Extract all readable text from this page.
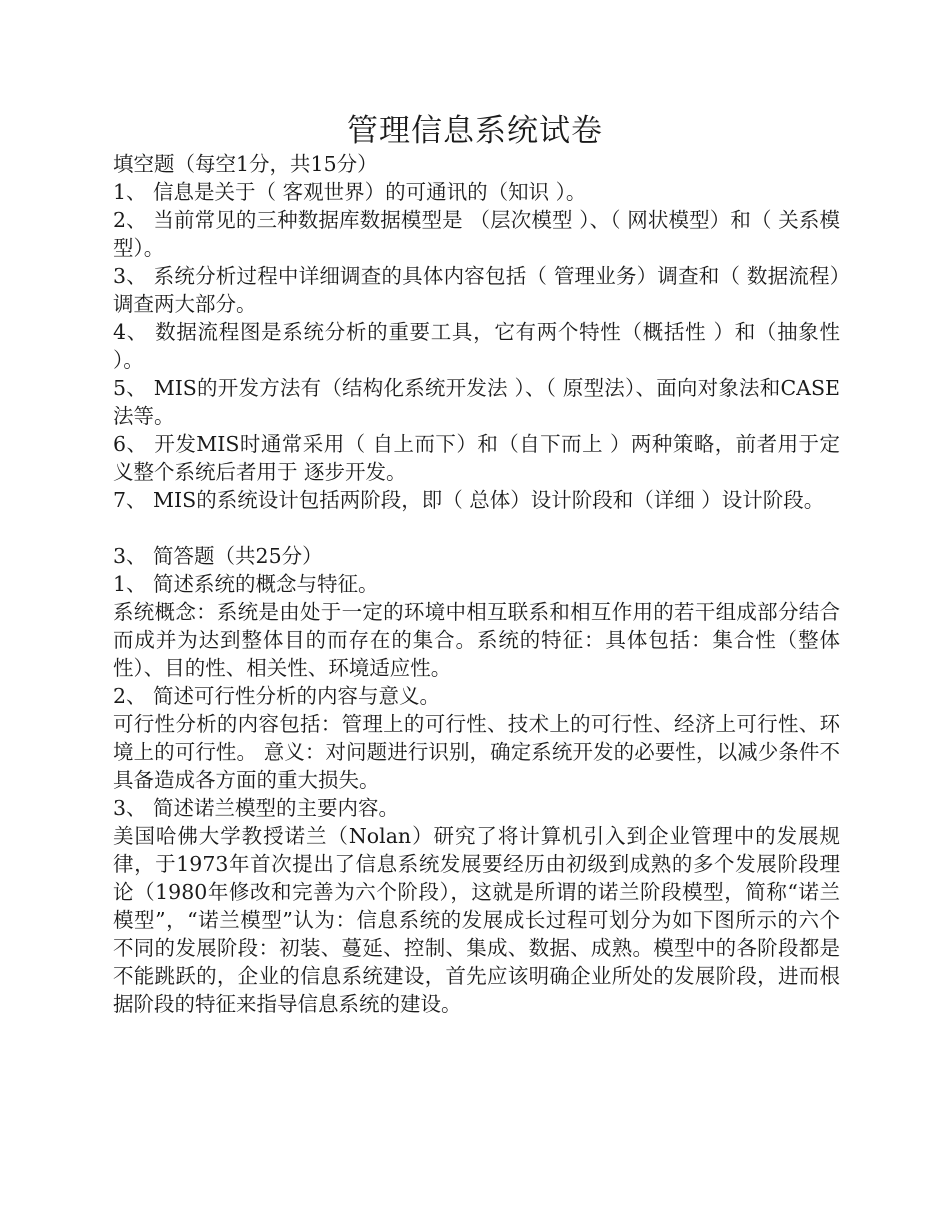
管理信息系统试卷

填空题（每空1分，共15分）

1、 信息是关于（ 客观世界）的可通讯的（知识 ）。

2、 当前常见的三种数据库数据模型是 （层次模型 ）、（ 网状模型）和（ 关系模型）。

3、 系统分析过程中详细调查的具体内容包括（ 管理业务）调查和（ 数据流程）调查两大部分。

4、 数据流程图是系统分析的重要工具，它有两个特性（概括性 ）和（抽象性 ）。

5、 MIS的开发方法有（结构化系统开发法 ）、（ 原型法）、面向对象法和CASE法等。

6、 开发MIS时通常采用（ 自上而下）和（自下而上 ）两种策略，前者用于定义整个系统后者用于 逐步开发。

7、 MIS的系统设计包括两阶段，即（ 总体）设计阶段和（详细 ）设计阶段。

3、 简答题（共25分）

1、 简述系统的概念与特征。

系统概念：系统是由处于一定的环境中相互联系和相互作用的若干组成部分结合而成并为达到整体目的而存在的集合。系统的特征：具体包括：集合性（整体性）、目的性、相关性、环境适应性。

2、 简述可行性分析的内容与意义。

可行性分析的内容包括：管理上的可行性、技术上的可行性、经济上可行性、环境上的可行性。 意义：对问题进行识别，确定系统开发的必要性，以减少条件不具备造成各方面的重大损失。

3、 简述诺兰模型的主要内容。

美国哈佛大学教授诺兰（Nolan）研究了将计算机引入到企业管理中的发展规律，于1973年首次提出了信息系统发展要经历由初级到成熟的多个发展阶段理论（1980年修改和完善为六个阶段），这就是所谓的诺兰阶段模型，简称“诺兰模型”，“诺兰模型”认为：信息系统的发展成长过程可划分为如下图所示的六个不同的发展阶段：初装、蔓延、控制、集成、数据、成熟。模型中的各阶段都是不能跳跃的，企业的信息系统建设，首先应该明确企业所处的发展阶段，进而根据阶段的特征来指导信息系统的建设。
